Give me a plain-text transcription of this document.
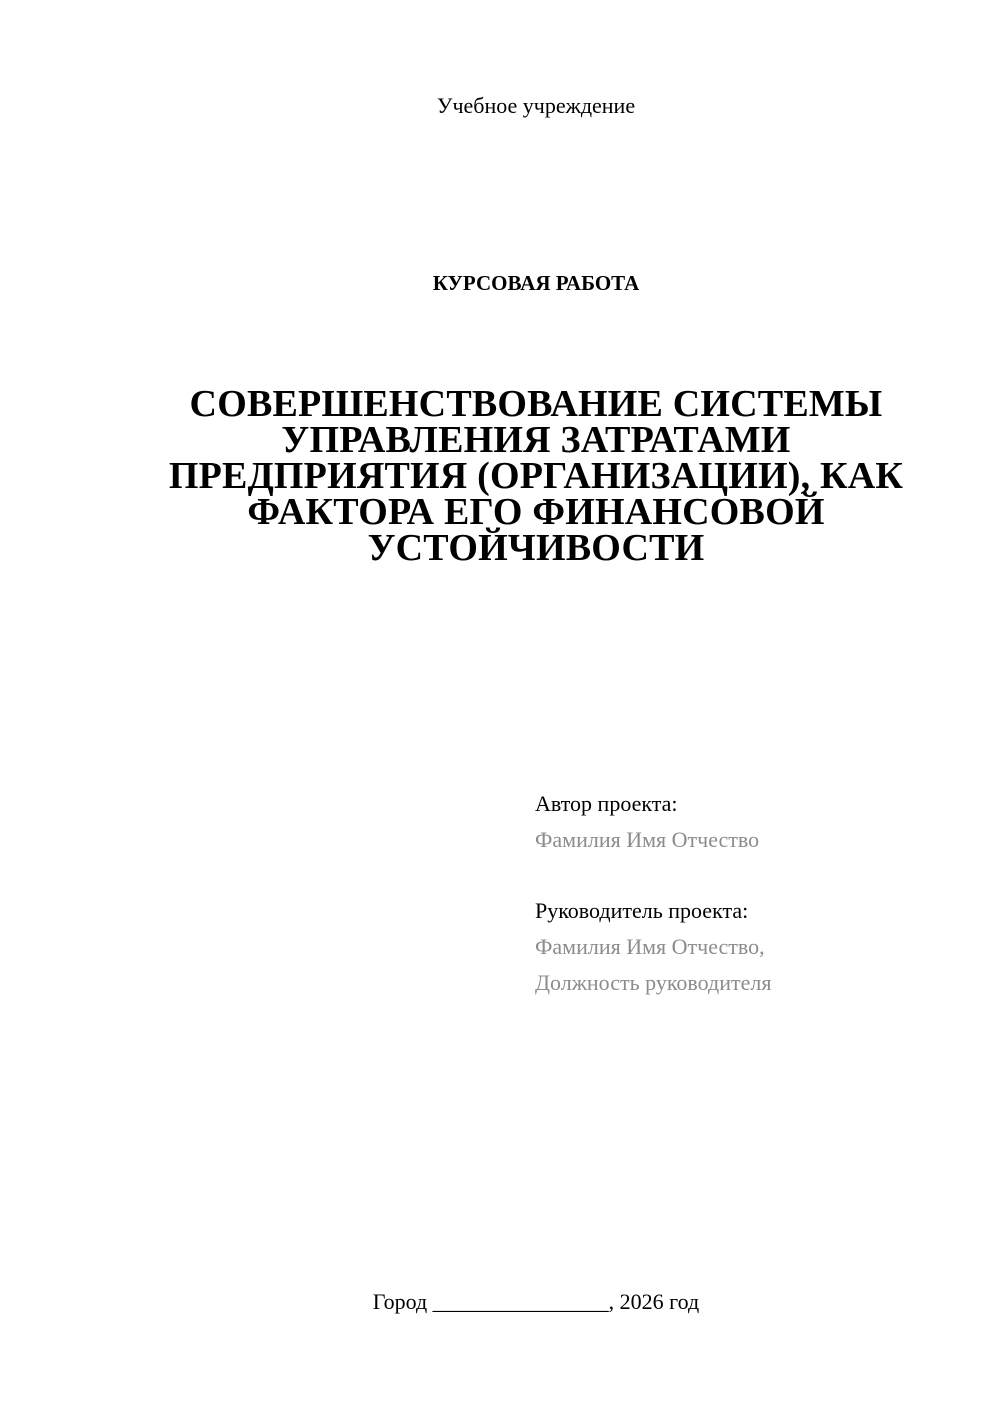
Учебное учреждение
КУРСОВАЯ РАБОТА
СОВЕРШЕНСТВОВАНИЕ СИСТЕМЫ
УПРАВЛЕНИЯ ЗАТРАТАМИ
ПРЕДПРИЯТИЯ (ОРГАНИЗАЦИИ), КАК
ФАКТОРА ЕГО ФИНАНСОВОЙ
УСТОЙЧИВОСТИ
Автор проекта:
Фамилия Имя Отчество
Руководитель проекта:
Фамилия Имя Отчество,
Должность руководителя
Город ________________, 2026 год
